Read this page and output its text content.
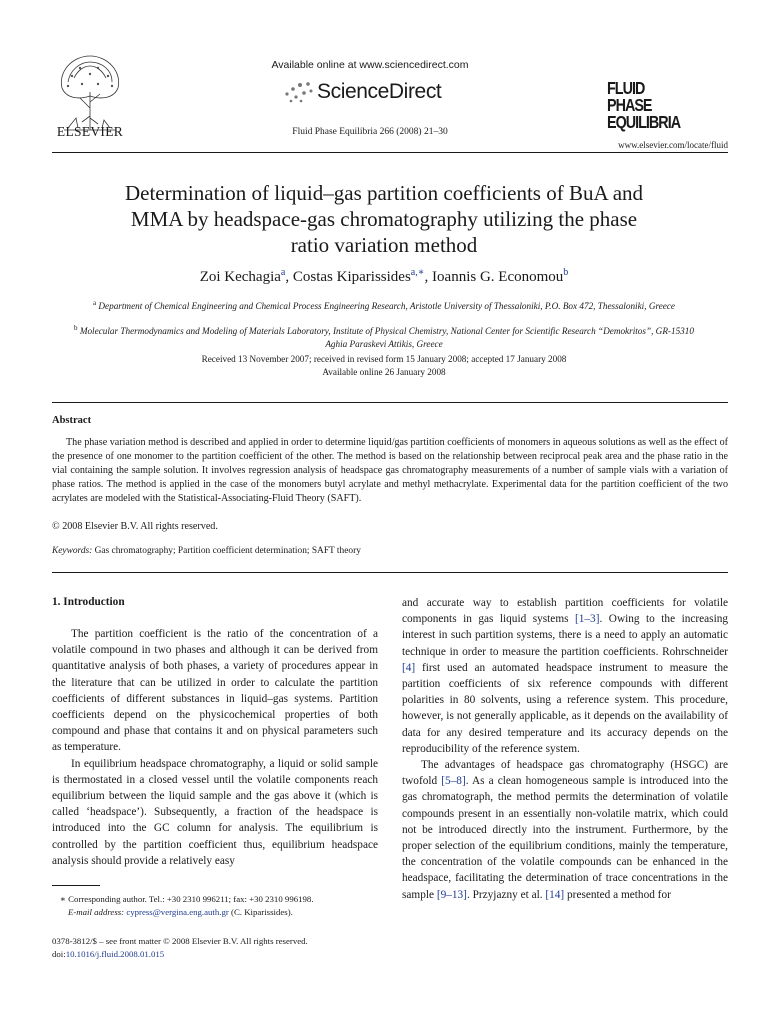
ELSEVIER
Available online at www.sciencedirect.com
ScienceDirect
Fluid Phase Equilibria 266 (2008) 21–30
FLUID PHASE
EQUILIBRIA
www.elsevier.com/locate/fluid
Determination of liquid–gas partition coefficients of BuA and MMA by headspace-gas chromatography utilizing the phase ratio variation method
Zoi Kechagia$^a$, Costas Kiparissides$^{a,∗}$, Ioannis G. Economou$^b$
$^a$ Department of Chemical Engineering and Chemical Process Engineering Research, Aristotle University of Thessaloniki, P.O. Box 472, Thessaloniki, Greece
$^b$ Molecular Thermodynamics and Modeling of Materials Laboratory, Institute of Physical Chemistry, National Center for Scientific Research “Demokritos”, GR-15310 Aghia Paraskevi Attikis, Greece
Received 13 November 2007; received in revised form 15 January 2008; accepted 17 January 2008
Available online 26 January 2008
Abstract

The phase variation method is described and applied in order to determine liquid/gas partition coefficients of monomers in aqueous solutions as well as the effect of the presence of one monomer to the partition coefficient of the other. The method is based on the relationship between reciprocal peak area and the phase ratio in the vial containing the sample solution. It involves regression analysis of headspace gas chromatography measurements of a number of sample vials with a variation of phase ratios. The method is applied in the case of the monomers butyl acrylate and methyl methacrylate. Experimental data for the partition coefficient of the two acrylates are modeled with the Statistical-Associating-Fluid Theory (SAFT).

© 2008 Elsevier B.V. All rights reserved.
Keywords: Gas chromatography; Partition coefficient determination; SAFT theory
1. Introduction

The partition coefficient is the ratio of the concentration of a volatile compound in two phases and although it can be derived from quantitative analysis of both phases, a variety of procedures appear in the literature that can be utilized in order to calculate the partition coefficients of different substances in liquid–gas systems. Partition coefficients depend on the physicochemical properties of both compound and phase that contains it and on physical parameters such as temperature.

In equilibrium headspace chromatography, a liquid or solid sample is thermostated in a closed vessel until the volatile components reach equilibrium between the liquid sample and the gas above it (which is called ‘headspace’). Subsequently, a fraction of the headspace is introduced into the GC column for analysis. The equilibrium is controlled by the partition coefficient thus, equilibrium headspace analysis should provide a relatively easy

and accurate way to establish partition coefficients for volatile components in gas liquid systems [1–3]. Owing to the increasing interest in such partition systems, there is a need to apply an automatic technique in order to measure the partition coefficients. Rohrschneider [4] first used an automated headspace instrument to measure the partition coefficients of six reference compounds with different polarities in 80 solvents, using a reference system. This procedure, however, is not generally applicable, as it depends on the availability of data for any desired temperature and its accuracy depends on the reproducibility of the reference system.

The advantages of headspace gas chromatography (HSGC) are twofold [5–8]. As a clean homogeneous sample is introduced into the gas chromatograph, the method permits the determination of volatile compounds present in an essentially non-volatile matrix, which could not be introduced directly into the instrument. Furthermore, by the proper selection of the equilibrium conditions, mainly the temperature, the concentration of the volatile compounds can be enhanced in the headspace, facilitating the determination of trace concentrations in the sample [9–13]. Przyjazny et al. [14] presented a method for

∗ Corresponding author. Tel.: +30 2310 996211; fax: +30 2310 996198.
E-mail address: cypress@vergina.eng.auth.gr (C. Kiparissides).
0378-3812/$ – see front matter © 2008 Elsevier B.V. All rights reserved.
doi:10.1016/j.fluid.2008.01.015
